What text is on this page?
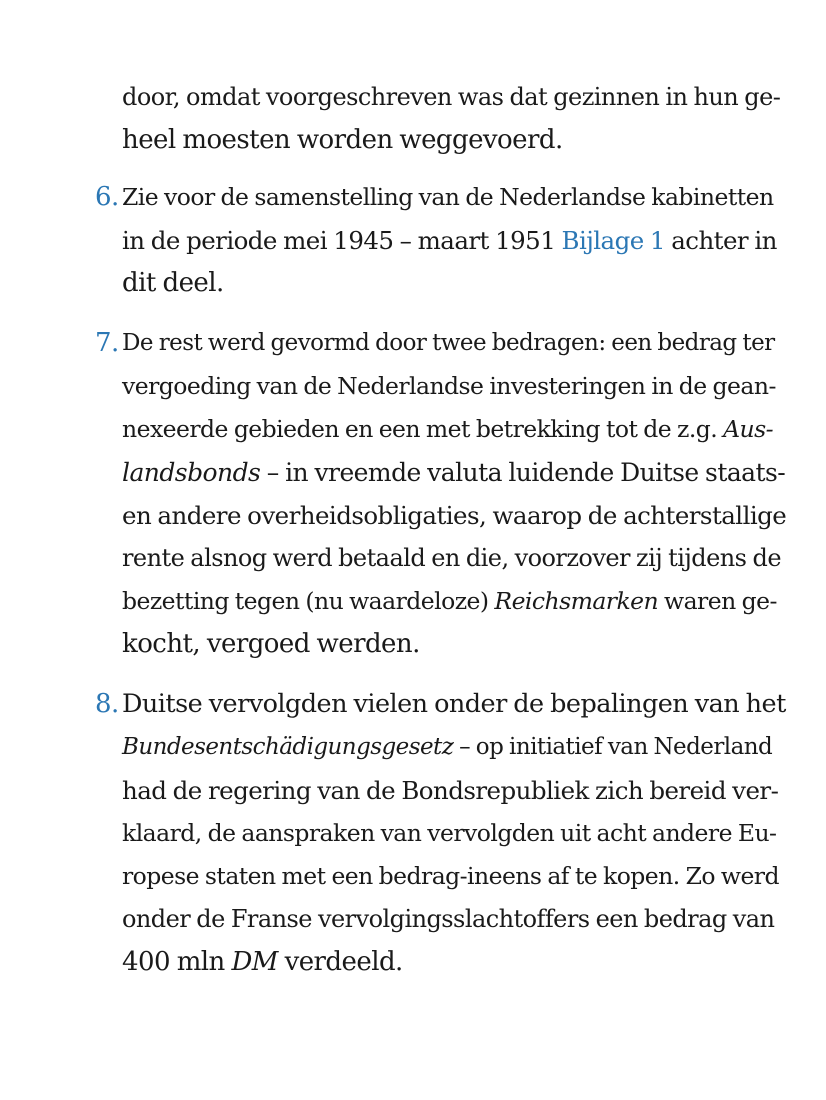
door, omdat voorgeschreven was dat gezinnen in hun ge-
heel moesten worden weggevoerd.
6. Zie voor de samenstelling van de Nederlandse kabinetten
in de periode mei 1945 – maart 1951 Bijlage 1 achter in
dit deel.
7. De rest werd gevormd door twee bedragen: een bedrag ter
vergoeding van de Nederlandse investeringen in de gean-
nexeerde gebieden en een met betrekking tot de z.g. Aus-
landsbonds – in vreemde valuta luidende Duitse staats-
en andere overheidsobligaties, waarop de achterstallige
rente alsnog werd betaald en die, voorzover zij tijdens de
bezetting tegen (nu waardeloze) Reichsmarken waren ge-
kocht, vergoed werden.
8. Duitse vervolgden vielen onder de bepalingen van het
Bundesentschädigungsgesetz – op initiatief van Nederland
had de regering van de Bondsrepubliek zich bereid ver-
klaard, de aanspraken van vervolgden uit acht andere Eu-
ropese staten met een bedrag-ineens af te kopen. Zo werd
onder de Franse vervolgingsslachtoffers een bedrag van
400 mln DM verdeeld.
